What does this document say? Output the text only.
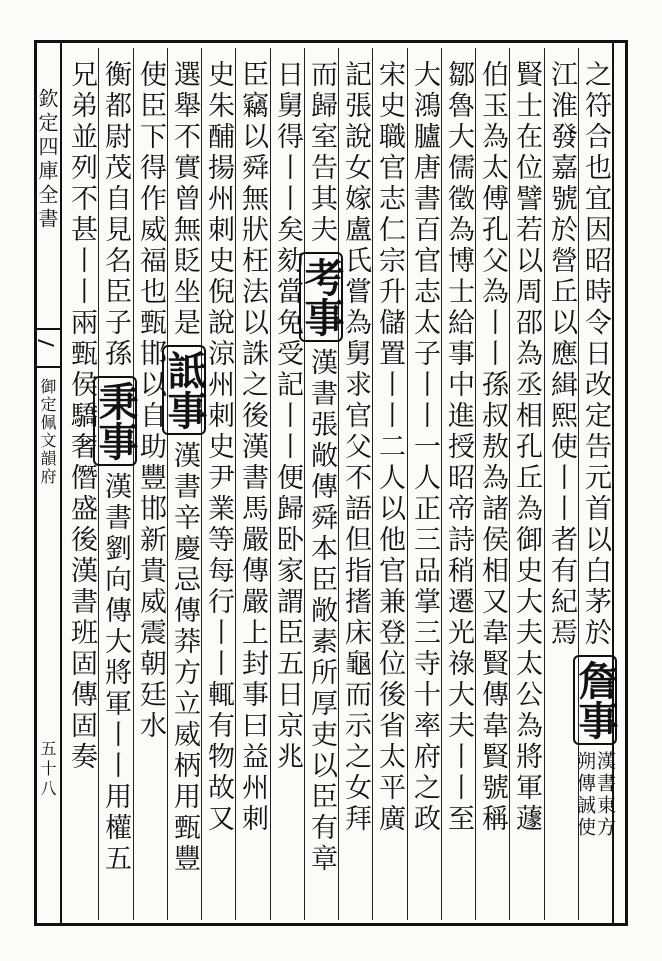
欽定四庫全書
御定佩文韻府
五十八
之符合也宜因昭時令日改定告元首以白茅於
詹事
漢書東方
朔傳誠使
江淮發嘉號於營丘以應緝熙使丨丨者有紀焉
賢士在位譬若以周邵為丞相孔丘為御史大夫太公為將軍蘧
伯玉為太傅孔父為丨丨孫叔敖為諸侯相又韋賢傳韋賢號稱
鄒魯大儒徵為博士給事中進授昭帝詩稍遷光祿大夫丨丨至
大鴻臚唐書百官志太子丨丨一人正三品掌三寺十率府之政
宋史職官志仁宗升儲置丨丨二人以他官兼登位後省太平廣
記張說女嫁盧氏嘗為舅求官父不語但指搘床龜而示之女拜
而歸室告其夫
考事
漢書張敞傳舜本臣敞素所厚吏以臣有章
日舅得丨丨矣
劾當免受記丨丨便歸卧家謂臣五日京兆
臣竊以舜無狀枉法以誅之後漢書馬嚴傳嚴上封事曰益州刺
史朱酺揚州刺史倪說涼州刺史尹業等每行丨丨輒有物故又
選舉不實曾無貶坐是
詆事
漢書辛慶忌傳莽方立威柄用甄豐
使臣下得作威福也
甄邯以自助豐邯新貴威震朝廷水
衡都尉茂自見名臣子孫
秉事
漢書劉向傳大將軍丨丨用權五
兄弟並列不甚丨丨兩甄
侯驕奢僭盛後漢書班固傳固奏
